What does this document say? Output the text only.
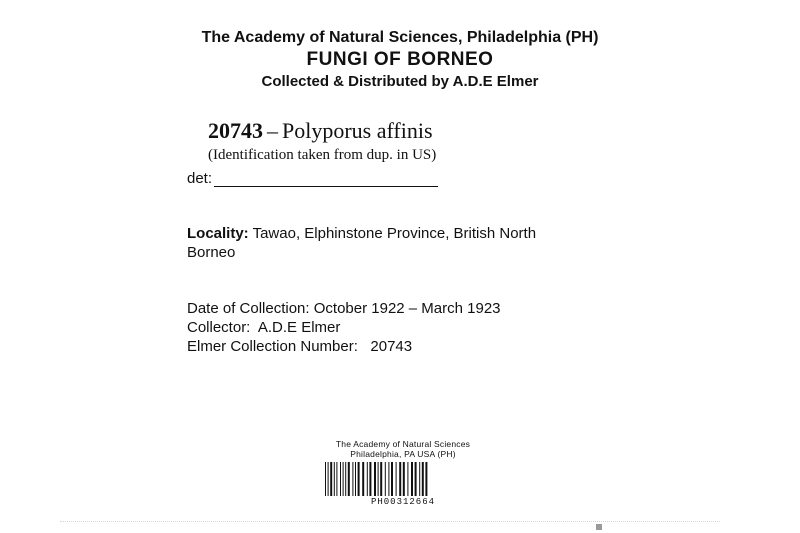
The Academy of Natural Sciences, Philadelphia (PH)
FUNGI OF BORNEO
Collected & Distributed by A.D.E Elmer
20743 – Polyporus affinis
(Identification taken from dup. in US)
det:
Locality: Tawao, Elphinstone Province, British North Borneo
Date of Collection: October 1922 – March 1923
Collector:  A.D.E Elmer
Elmer Collection Number:   20743
The Academy of Natural Sciences
Philadelphia, PA USA (PH)
PH00312664
